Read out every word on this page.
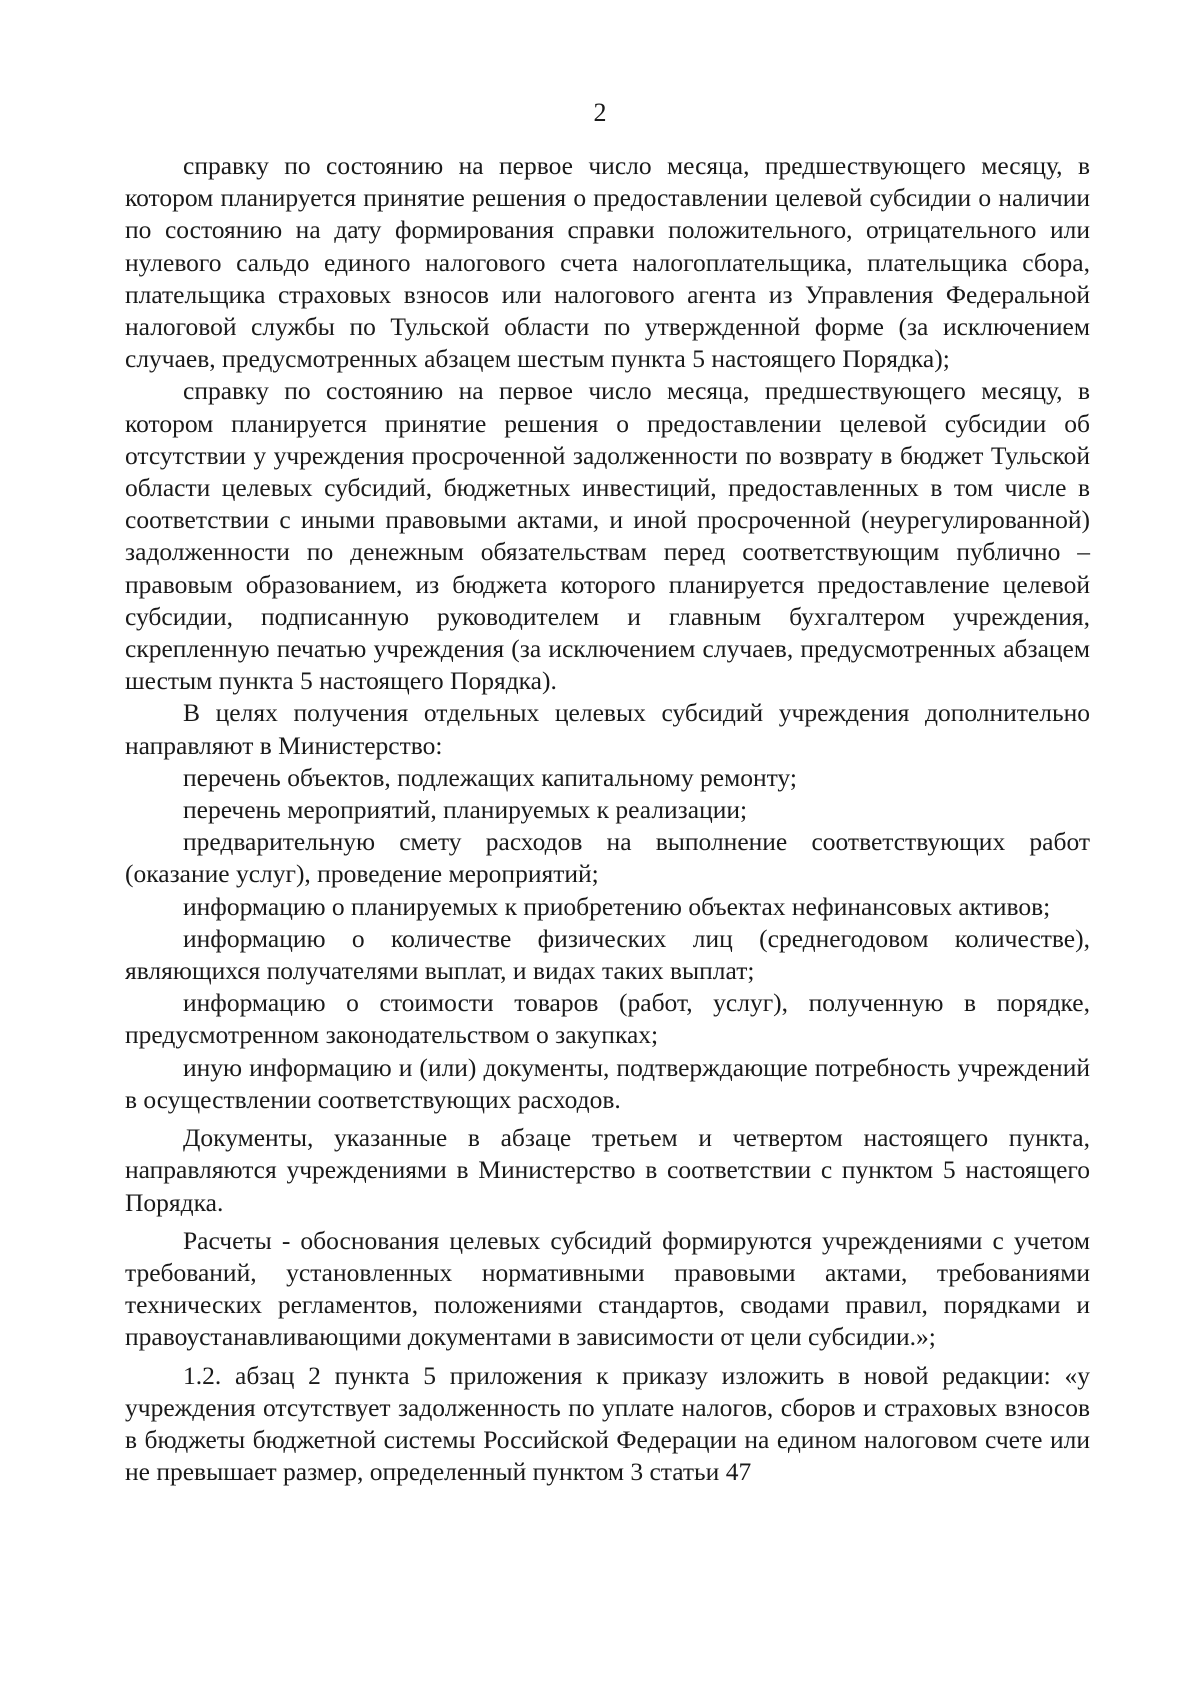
2

справку по состоянию на первое число месяца, предшествующего месяцу, в котором планируется принятие решения о предоставлении целевой субсидии о наличии по состоянию на дату формирования справки положительного, отрицательного или нулевого сальдо единого налогового счета налогоплательщика, плательщика сбора, плательщика страховых взносов или налогового агента из Управления Федеральной налоговой службы по Тульской области по утвержденной форме (за исключением случаев, предусмотренных абзацем шестым пункта 5 настоящего Порядка);

справку по состоянию на первое число месяца, предшествующего месяцу, в котором планируется принятие решения о предоставлении целевой субсидии об отсутствии у учреждения просроченной задолженности по возврату в бюджет Тульской области целевых субсидий, бюджетных инвестиций, предоставленных в том числе в соответствии с иными правовыми актами, и иной просроченной (неурегулированной) задолженности по денежным обязательствам перед соответствующим публично – правовым образованием, из бюджета которого планируется предоставление целевой субсидии, подписанную руководителем и главным бухгалтером учреждения, скрепленную печатью учреждения (за исключением случаев, предусмотренных абзацем шестым пункта 5 настоящего Порядка).

В целях получения отдельных целевых субсидий учреждения дополнительно направляют в Министерство:

перечень объектов, подлежащих капитальному ремонту;

перечень мероприятий, планируемых к реализации;

предварительную смету расходов на выполнение соответствующих работ (оказание услуг), проведение мероприятий;

информацию о планируемых к приобретению объектах нефинансовых активов;

информацию о количестве физических лиц (среднегодовом количестве), являющихся получателями выплат, и видах таких выплат;

информацию о стоимости товаров (работ, услуг), полученную в порядке, предусмотренном законодательством о закупках;

иную информацию и (или) документы, подтверждающие потребность учреждений в осуществлении соответствующих расходов.

Документы, указанные в абзаце третьем и четвертом настоящего пункта, направляются учреждениями в Министерство в соответствии с пунктом 5 настоящего Порядка.

Расчеты - обоснования целевых субсидий формируются учреждениями с учетом требований, установленных нормативными правовыми актами, требованиями технических регламентов, положениями стандартов, сводами правил, порядками и правоустанавливающими документами в зависимости от цели субсидии.»;

1.2. абзац 2 пункта 5 приложения к приказу изложить в новой редакции: «у учреждения отсутствует задолженность по уплате налогов, сборов и страховых взносов в бюджеты бюджетной системы Российской Федерации на едином налоговом счете или не превышает размер, определенный пунктом 3 статьи 47
